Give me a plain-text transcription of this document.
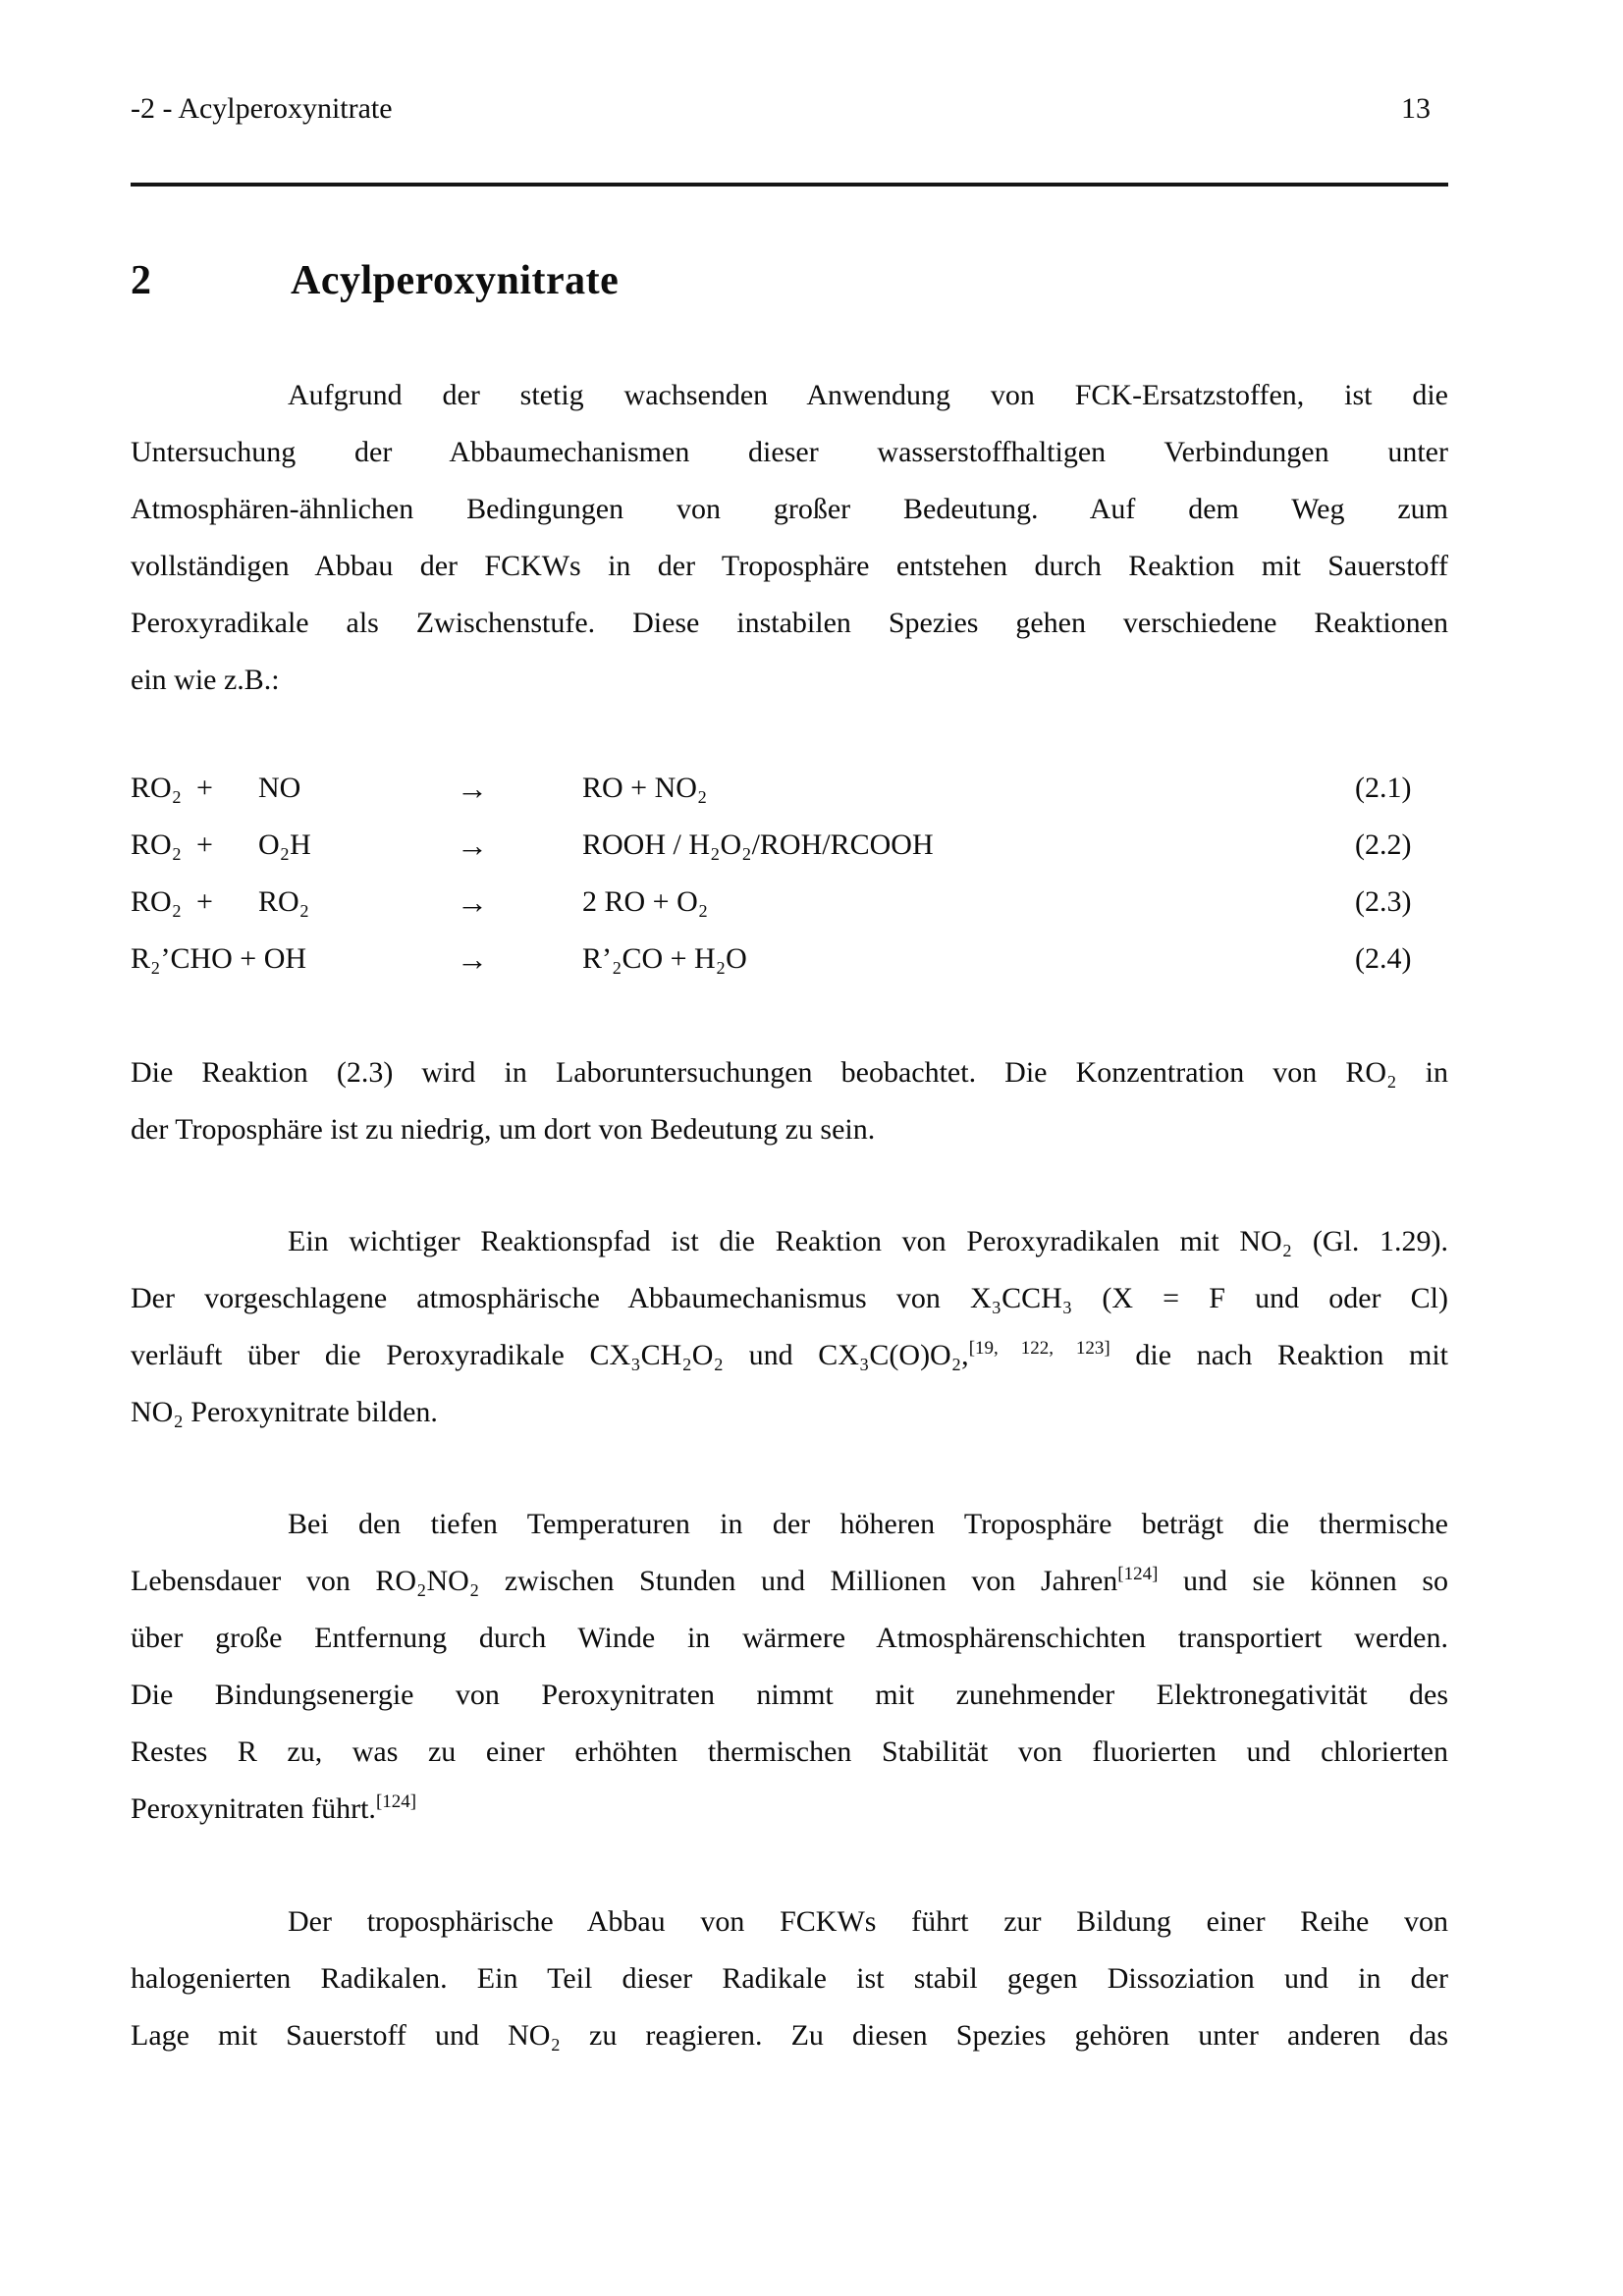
-2 - Acylperoxynitrate	13
2	Acylperoxynitrate
Aufgrund der stetig wachsenden Anwendung von FCK-Ersatzstoffen, ist die
Untersuchung der Abbaumechanismen dieser wasserstoffhaltigen Verbindungen unter
Atmosphären-ähnlichen Bedingungen von großer Bedeutung. Auf dem Weg zum
vollständigen Abbau der FCKWs in der Troposphäre entstehen durch Reaktion mit Sauerstoff
Peroxyradikale als Zwischenstufe. Diese instabilen Spezies gehen verschiedene Reaktionen
ein wie z.B.:
RO₂ +	NO	→	RO + NO₂	(2.1)
RO₂ +	O₂H	→	ROOH / H₂O₂/ROH/RCOOH	(2.2)
RO₂ +	RO₂	→	2 RO + O₂	(2.3)
R₂’CHO + OH	→	R’₂CO + H₂O	(2.4)
Die Reaktion (2.3) wird in Laboruntersuchungen beobachtet. Die Konzentration von RO₂ in
der Troposphäre ist zu niedrig, um dort von Bedeutung zu sein.
Ein wichtiger Reaktionspfad ist die Reaktion von Peroxyradikalen mit NO₂ (Gl. 1.29).
Der vorgeschlagene atmosphärische Abbaumechanismus von X₃CCH₃ (X = F und oder Cl)
verläuft über die Peroxyradikale CX₃CH₂O₂ und CX₃C(O)O₂,[19, 122, 123] die nach Reaktion mit
NO₂ Peroxynitrate bilden.
Bei den tiefen Temperaturen in der höheren Troposphäre beträgt die thermische
Lebensdauer von RO₂NO₂ zwischen Stunden und Millionen von Jahren[124] und sie können so
über große Entfernung durch Winde in wärmere Atmosphärenschichten transportiert werden.
Die Bindungsenergie von Peroxynitraten nimmt mit zunehmender Elektronegativität des
Restes R zu, was zu einer erhöhten thermischen Stabilität von fluorierten und chlorierten
Peroxynitraten führt.[124]
Der troposphärische Abbau von FCKWs führt zur Bildung einer Reihe von
halogenierten Radikalen. Ein Teil dieser Radikale ist stabil gegen Dissoziation und in der
Lage mit Sauerstoff und NO₂ zu reagieren. Zu diesen Spezies gehören unter anderen das
